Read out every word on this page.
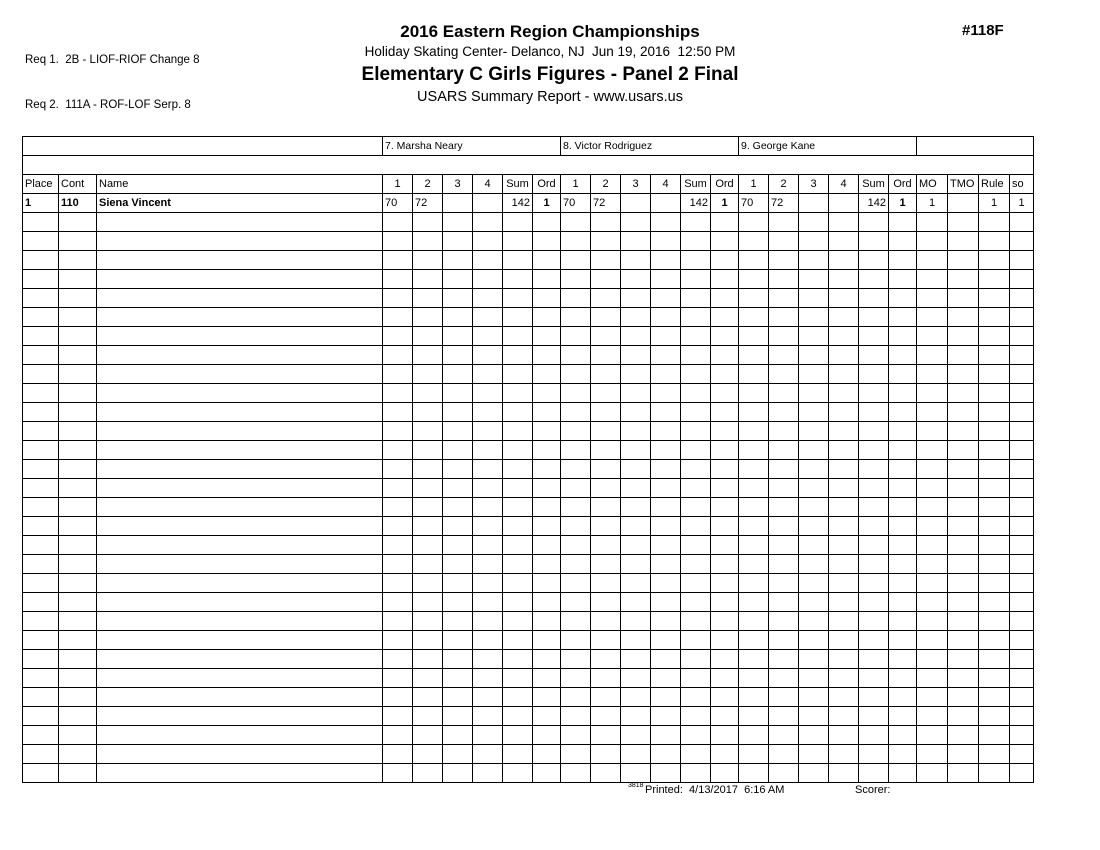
Req 1.  2B - LIOF-RIOF Change 8

Req 2.  111A - ROF-LOF Serp. 8

#118F
2016 Eastern Region Championships
Holiday Skating Center- Delanco, NJ  Jun 19, 2016  12:50 PM
Elementary C Girls Figures - Panel 2 Final
USARS Summary Report - www.usars.us
			7. Marsha Neary						8. Victor Rodriguez						9. George Kane									

Place	Cont	Name	1	2	3	4	Sum	Ord	1	2	3	4	Sum	Ord	1	2	3	4	Sum	Ord	MO	TMO	Rule	so
1	110	Siena Vincent	70	72			142	1	70	72			142	1	70	72			142	1	1		1	1

3818 Printed:  4/13/2017  6:16 AM	Scorer:
